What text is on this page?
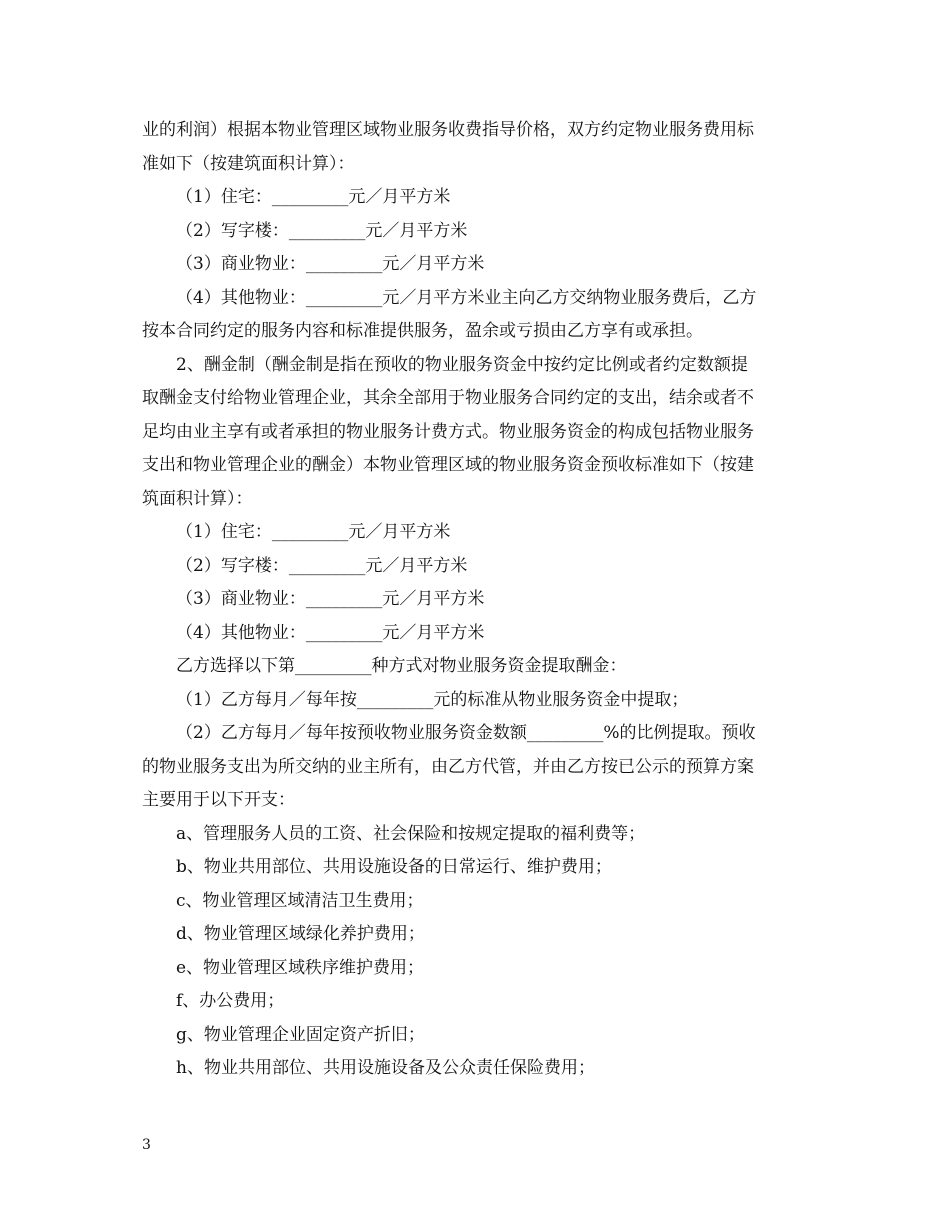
业的利润）根据本物业管理区域物业服务收费指导价格，双方约定物业服务费用标
准如下（按建筑面积计算）：
（1）住宅：_________元／月平方米
（2）写字楼：_________元／月平方米
（3）商业物业：_________元／月平方米
（4）其他物业：_________元／月平方米业主向乙方交纳物业服务费后，乙方
按本合同约定的服务内容和标准提供服务，盈余或亏损由乙方享有或承担。
2、酬金制（酬金制是指在预收的物业服务资金中按约定比例或者约定数额提
取酬金支付给物业管理企业，其余全部用于物业服务合同约定的支出，结余或者不
足均由业主享有或者承担的物业服务计费方式。物业服务资金的构成包括物业服务
支出和物业管理企业的酬金）本物业管理区域的物业服务资金预收标准如下（按建
筑面积计算）：
（1）住宅：_________元／月平方米
（2）写字楼：_________元／月平方米
（3）商业物业：_________元／月平方米
（4）其他物业：_________元／月平方米
乙方选择以下第_________种方式对物业服务资金提取酬金：
（1）乙方每月／每年按_________元的标准从物业服务资金中提取；
（2）乙方每月／每年按预收物业服务资金数额_________%的比例提取。预收
的物业服务支出为所交纳的业主所有，由乙方代管，并由乙方按已公示的预算方案
主要用于以下开支：
a、管理服务人员的工资、社会保险和按规定提取的福利费等；
b、物业共用部位、共用设施设备的日常运行、维护费用；
c、物业管理区域清洁卫生费用；
d、物业管理区域绿化养护费用；
e、物业管理区域秩序维护费用；
f、办公费用；
g、物业管理企业固定资产折旧；
h、物业共用部位、共用设施设备及公众责任保险费用；
3
